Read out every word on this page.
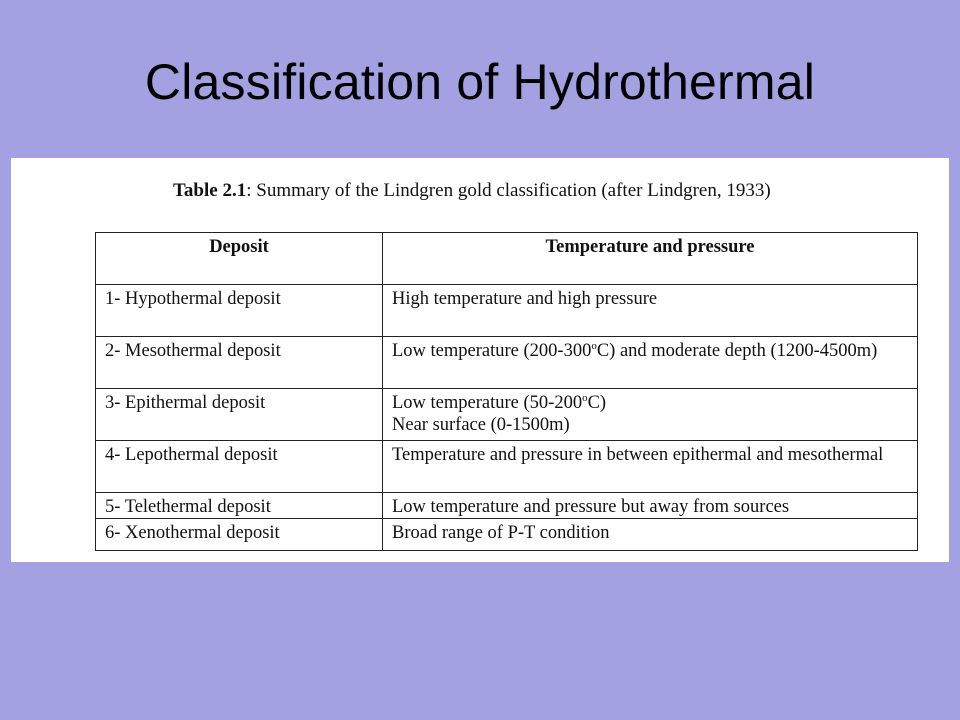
Classification of Hydrothermal
Table 2.1: Summary of the Lindgren gold classification (after Lindgren, 1933)
Deposit	Temperature and pressure
1- Hypothermal deposit	High temperature and high pressure
2- Mesothermal deposit	Low temperature (200-300$^o$C) and moderate depth (1200-4500m)
3- Epithermal deposit	Low temperature (50-200$^o$C)
Near surface (0-1500m)
4- Lepothermal deposit	Temperature and pressure in between epithermal and mesothermal
5- Telethermal deposit	Low temperature and pressure but away from sources
6- Xenothermal deposit	Broad range of P-T condition
